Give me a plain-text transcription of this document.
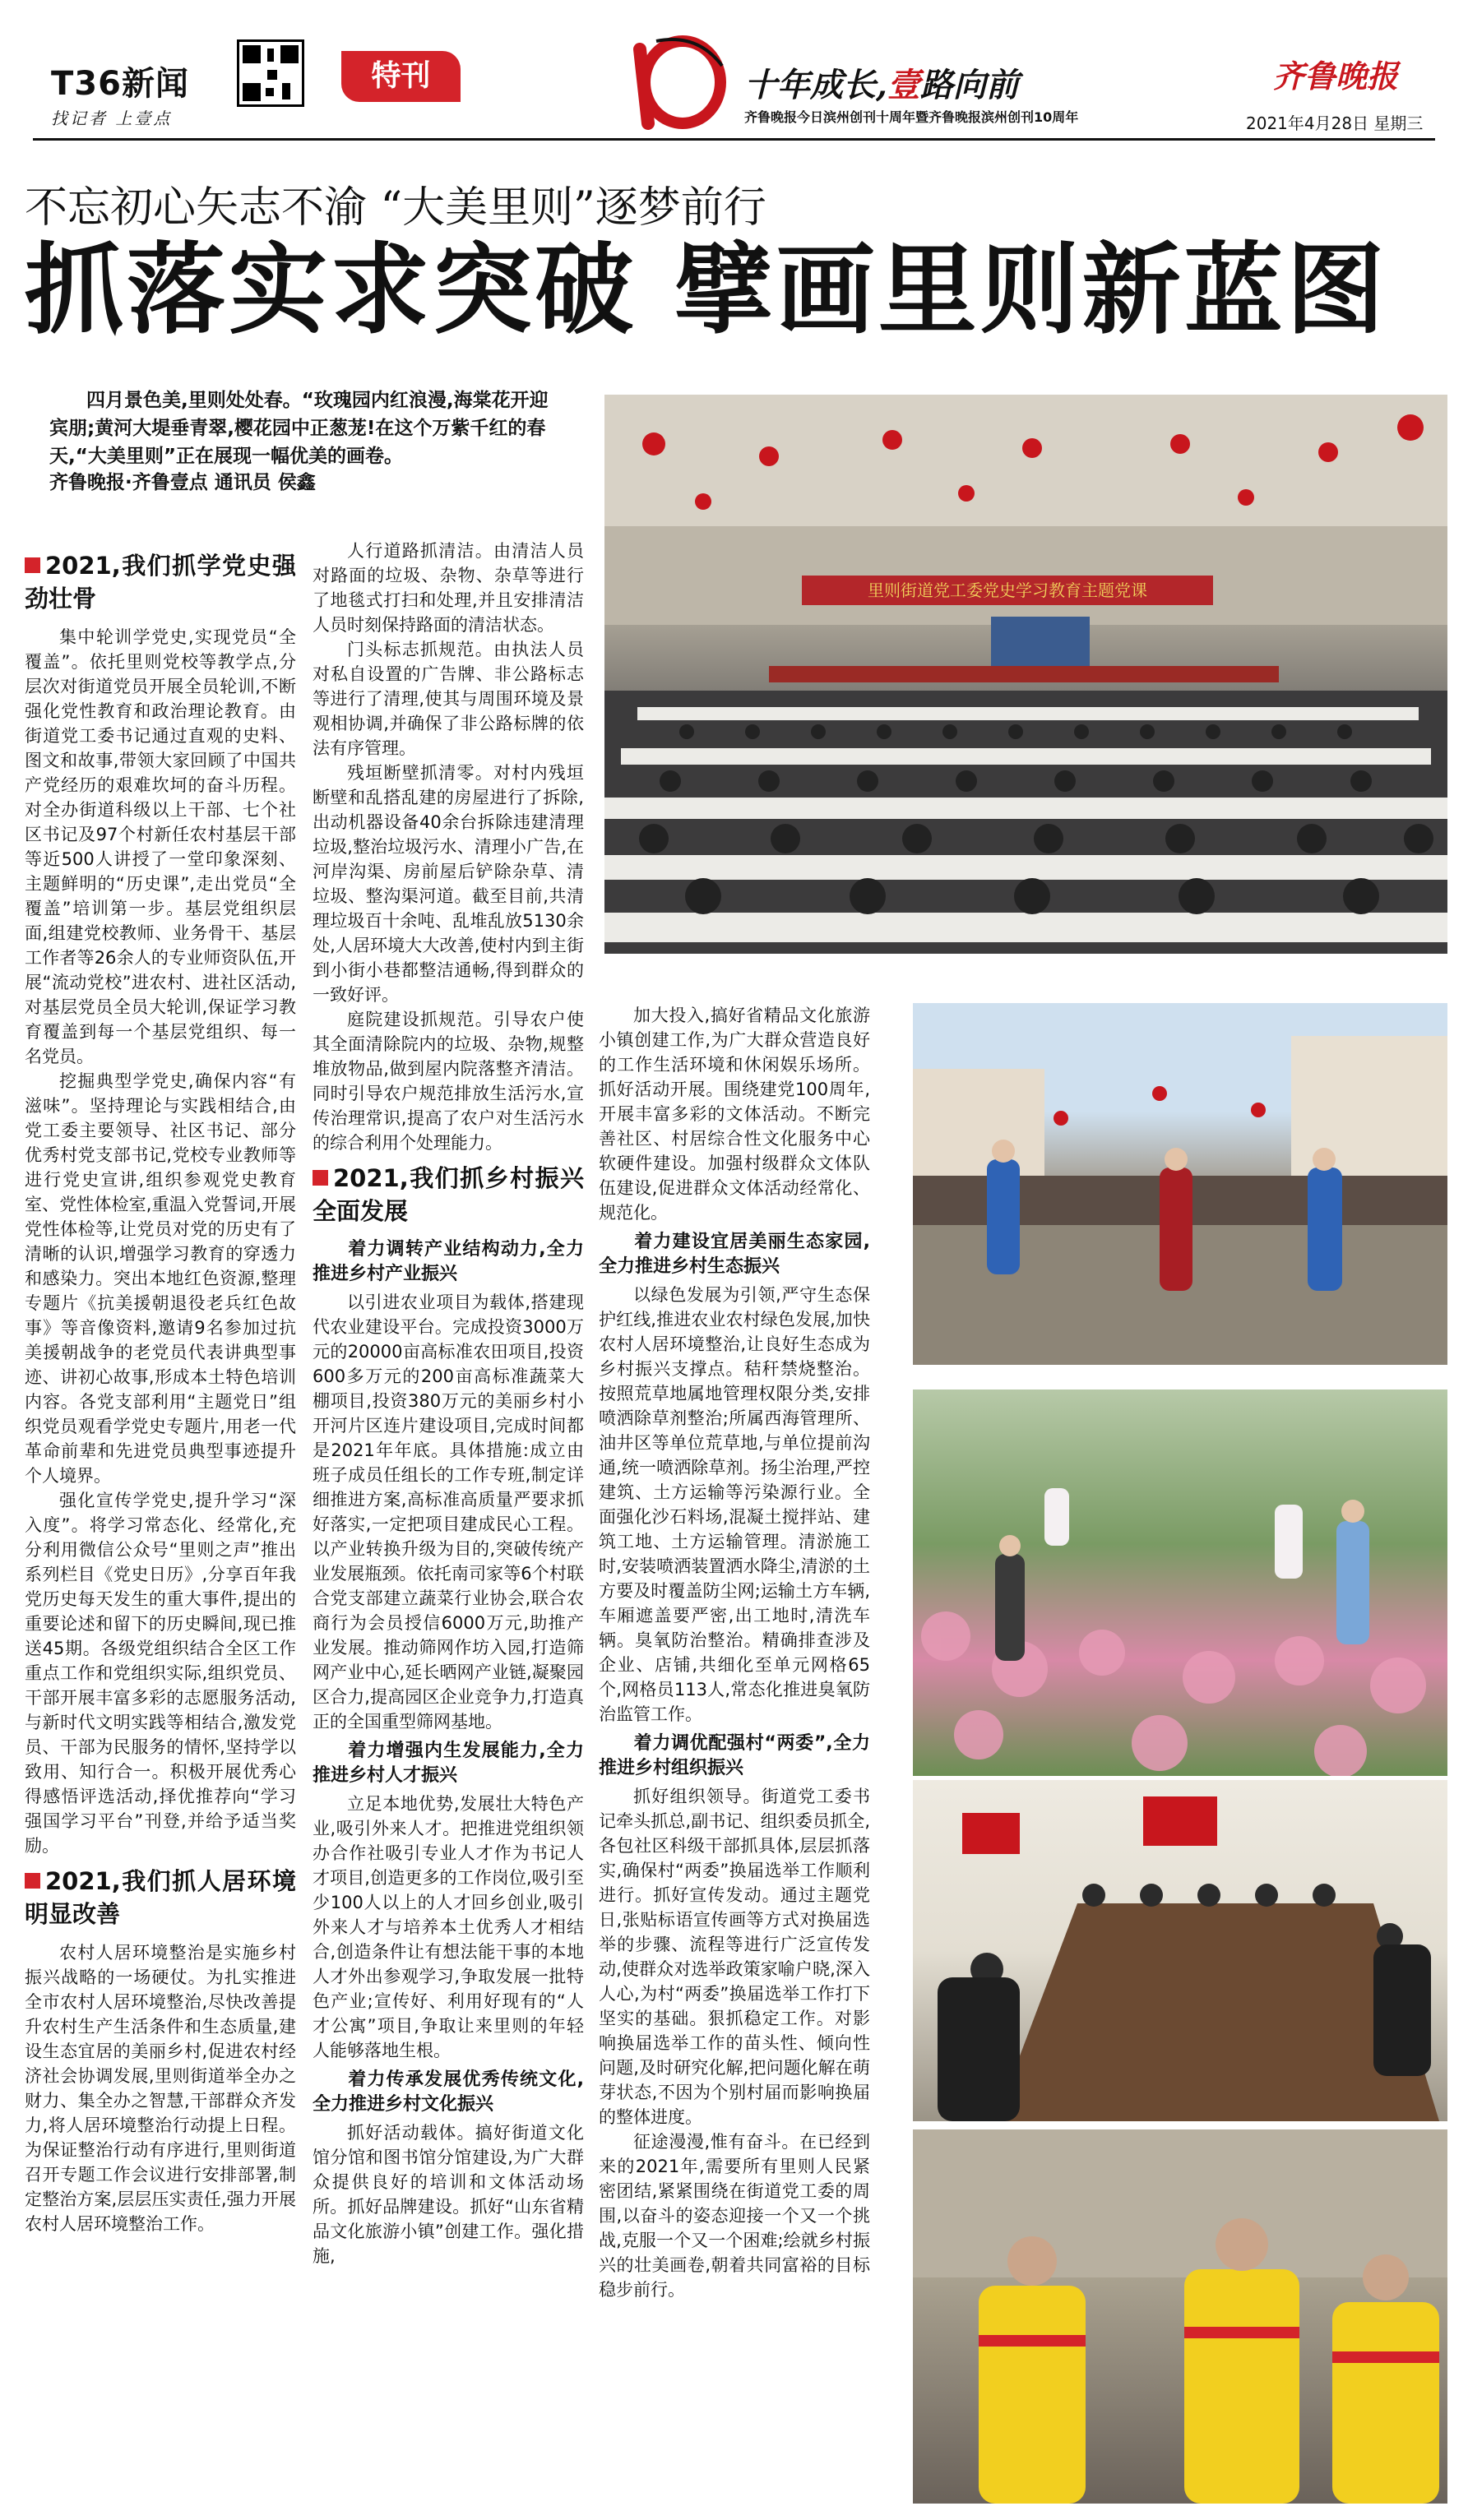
T36新闻
找记者 上壹点
特刊	十年成长,壹路向前
齐鲁晚报今日滨州创刊十周年暨齐鲁晚报滨州创刊10周年
齐鲁晚报
2021年4月28日 星期三
不忘初心矢志不渝 “大美里则”逐梦前行
抓落实求突破 擘画里则新蓝图
四月景色美,里则处处春。“玫瑰园内红浪漫,海棠花开迎宾朋;黄河大堤垂青翠,樱花园中正葱茏!在这个万紫千红的春天,“大美里则”正在展现一幅优美的画卷。
齐鲁晚报·齐鲁壹点 通讯员 侯鑫
2021,我们抓学党史强劲壮骨

集中轮训学党史,实现党员“全覆盖”。依托里则党校等教学点,分层次对街道党员开展全员轮训,不断强化党性教育和政治理论教育。由街道党工委书记通过直观的史料、图文和故事,带领大家回顾了中国共产党经历的艰难坎坷的奋斗历程。对全办街道科级以上干部、七个社区书记及97个村新任农村基层干部等近500人讲授了一堂印象深刻、主题鲜明的“历史课”,走出党员“全覆盖”培训第一步。基层党组织层面,组建党校教师、业务骨干、基层工作者等26余人的专业师资队伍,开展“流动党校”进农村、进社区活动,对基层党员全员大轮训,保证学习教育覆盖到每一个基层党组织、每一名党员。

挖掘典型学党史,确保内容“有滋味”。坚持理论与实践相结合,由党工委主要领导、社区书记、部分优秀村党支部书记,党校专业教师等进行党史宣讲,组织参观党史教育室、党性体检室,重温入党誓词,开展党性体检等,让党员对党的历史有了清晰的认识,增强学习教育的穿透力和感染力。突出本地红色资源,整理专题片《抗美援朝退役老兵红色故事》等音像资料,邀请9名参加过抗美援朝战争的老党员代表讲典型事迹、讲初心故事,形成本土特色培训内容。各党支部利用“主题党日”组织党员观看学党史专题片,用老一代革命前辈和先进党员典型事迹提升个人境界。

强化宣传学党史,提升学习“深入度”。将学习常态化、经常化,充分利用微信公众号“里则之声”推出系列栏目《党史日历》,分享百年我党历史每天发生的重大事件,提出的重要论述和留下的历史瞬间,现已推送45期。各级党组织结合全区工作重点工作和党组织实际,组织党员、干部开展丰富多彩的志愿服务活动,与新时代文明实践等相结合,激发党员、干部为民服务的情怀,坚持学以致用、知行合一。积极开展优秀心得感悟评选活动,择优推荐向“学习强国学习平台”刊登,并给予适当奖励。

2021,我们抓人居环境明显改善

农村人居环境整治是实施乡村振兴战略的一场硬仗。为扎实推进全市农村人居环境整治,尽快改善提升农村生产生活条件和生态质量,建设生态宜居的美丽乡村,促进农村经济社会协调发展,里则街道举全办之财力、集全办之智慧,干部群众齐发力,将人居环境整治行动提上日程。为保证整治行动有序进行,里则街道召开专题工作会议进行安排部署,制定整治方案,层层压实责任,强力开展农村人居环境整治工作。

人行道路抓清洁。由清洁人员对路面的垃圾、杂物、杂草等进行了地毯式打扫和处理,并且安排清洁人员时刻保持路面的清洁状态。

门头标志抓规范。由执法人员对私自设置的广告牌、非公路标志等进行了清理,使其与周围环境及景观相协调,并确保了非公路标牌的依法有序管理。

残垣断壁抓清零。对村内残垣断壁和乱搭乱建的房屋进行了拆除,出动机器设备40余台拆除违建清理垃圾,整治垃圾污水、清理小广告,在河岸沟渠、房前屋后铲除杂草、清垃圾、整沟渠河道。截至目前,共清理垃圾百十余吨、乱堆乱放5130余处,人居环境大大改善,使村内到主街到小街小巷都整洁通畅,得到群众的一致好评。

庭院建设抓规范。引导农户使其全面清除院内的垃圾、杂物,规整堆放物品,做到屋内院落整齐清洁。同时引导农户规范排放生活污水,宣传治理常识,提高了农户对生活污水的综合利用个处理能力。

2021,我们抓乡村振兴全面发展
着力调转产业结构动力,全力推进乡村产业振兴

以引进农业项目为载体,搭建现代农业建设平台。完成投资3000万元的20000亩高标准农田项目,投资600多万元的200亩高标准蔬菜大棚项目,投资380万元的美丽乡村小开河片区连片建设项目,完成时间都是2021年年底。具体措施:成立由班子成员任组长的工作专班,制定详细推进方案,高标准高质量严要求抓好落实,一定把项目建成民心工程。以产业转换升级为目的,突破传统产业发展瓶颈。依托南司家等6个村联合党支部建立蔬菜行业协会,联合农商行为会员授信6000万元,助推产业发展。推动筛网作坊入园,打造筛网产业中心,延长晒网产业链,凝聚园区合力,提高园区企业竞争力,打造真正的全国重型筛网基地。

着力增强内生发展能力,全力推进乡村人才振兴

立足本地优势,发展壮大特色产业,吸引外来人才。把推进党组织领办合作社吸引专业人才作为书记人才项目,创造更多的工作岗位,吸引至少100人以上的人才回乡创业,吸引外来人才与培养本土优秀人才相结合,创造条件让有想法能干事的本地人才外出参观学习,争取发展一批特色产业;宣传好、利用好现有的“人才公寓”项目,争取让来里则的年轻人能够落地生根。

着力传承发展优秀传统文化,全力推进乡村文化振兴

抓好活动载体。搞好街道文化馆分馆和图书馆分馆建设,为广大群众提供良好的培训和文体活动场所。抓好品牌建设。抓好“山东省精品文化旅游小镇”创建工作。强化措施,

加大投入,搞好省精品文化旅游小镇创建工作,为广大群众营造良好的工作生活环境和休闲娱乐场所。抓好活动开展。围绕建党100周年,开展丰富多彩的文体活动。不断完善社区、村居综合性文化服务中心软硬件建设。加强村级群众文体队伍建设,促进群众文体活动经常化、规范化。

着力建设宜居美丽生态家园,全力推进乡村生态振兴

以绿色发展为引领,严守生态保护红线,推进农业农村绿色发展,加快农村人居环境整治,让良好生态成为乡村振兴支撑点。秸秆禁烧整治。按照荒草地属地管理权限分类,安排喷洒除草剂整治;所属西海管理所、油井区等单位荒草地,与单位提前沟通,统一喷洒除草剂。扬尘治理,严控建筑、土方运输等污染源行业。全面强化沙石料场,混凝土搅拌站、建筑工地、土方运输管理。清淤施工时,安装喷洒装置洒水降尘,清淤的土方要及时覆盖防尘网;运输土方车辆,车厢遮盖要严密,出工地时,清洗车辆。臭氧防治整治。精确排查涉及企业、店铺,共细化至单元网格65个,网格员113人,常态化推进臭氧防治监管工作。

着力调优配强村“两委”,全力推进乡村组织振兴

抓好组织领导。街道党工委书记牵头抓总,副书记、组织委员抓全,各包社区科级干部抓具体,层层抓落实,确保村“两委”换届选举工作顺利进行。抓好宣传发动。通过主题党日,张贴标语宣传画等方式对换届选举的步骤、流程等进行广泛宣传发动,使群众对选举政策家喻户晓,深入人心,为村“两委”换届选举工作打下坚实的基础。狠抓稳定工作。对影响换届选举工作的苗头性、倾向性问题,及时研究化解,把问题化解在萌芽状态,不因为个别村届而影响换届的整体进度。

征途漫漫,惟有奋斗。在已经到来的2021年,需要所有里则人民紧密团结,紧紧围绕在街道党工委的周围,以奋斗的姿态迎接一个又一个挑战,克服一个又一个困难;绘就乡村振兴的壮美画卷,朝着共同富裕的目标稳步前行。

里则街道党工委党史学习教育主题党课
